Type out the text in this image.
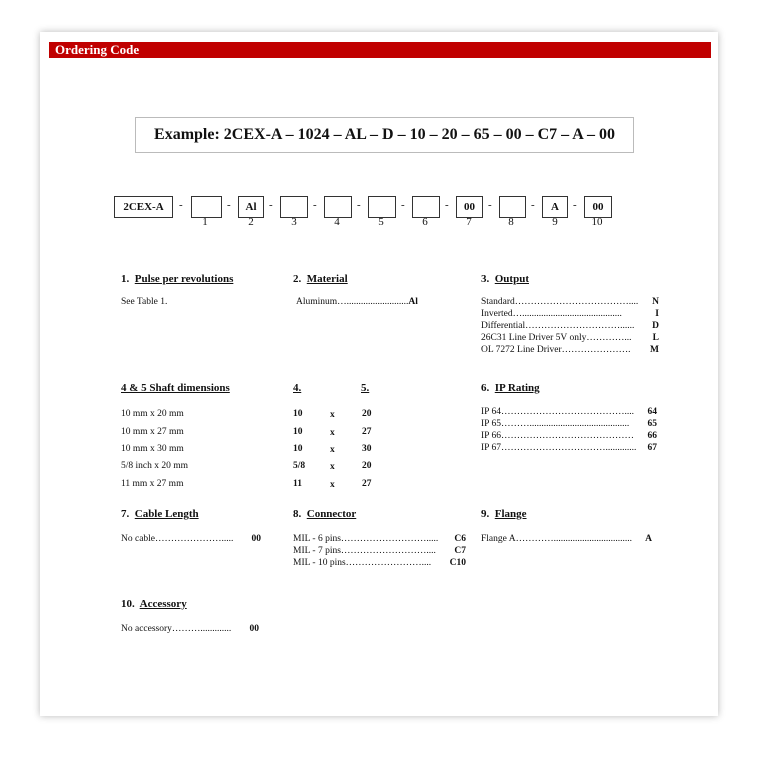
Ordering Code
Example: 2CEX-A – 1024 – AL – D – 10 – 20 – 65 – 00 – C7 – A – 00
2CEX-A	-	-	Al	-	-	-	-	-	00	-	-	A	-	00
1	2	3	4	5	6	7	8	9	10
1. Pulse per revolutions
See Table 1.
2. Material
Aluminum….......................... Al
3. Output
Standard……………………………….... N
Inverted…..........................................	I
Differential…………………………...... D
26C31 Line Driver 5V only…………... L
OL 7272 Line Driver…………………. M
4 & 5 Shaft dimensions	4.	5.
10 mm x 20 mm	10	x	20
10 mm x 27 mm	10	x	27
10 mm x 30 mm	10	x	30
5/8 inch x 20 mm	5/8	x	20
11 mm x 27 mm	11	x	27
6. IP Rating
IP 64………………………………….... 64
IP 65……….......................................... 65
IP 66…………………………………… 66
IP 67……………………………............. 67
7. Cable Length
No cable…………………..... 00
8. Connector
MIL - 6 pins………………………..... C6
MIL - 7 pins……………………….... C7
MIL - 10 pins…………………….... C10
9. Flange
Flange A…………................................. A
10. Accessory
No accessory………............. 00
